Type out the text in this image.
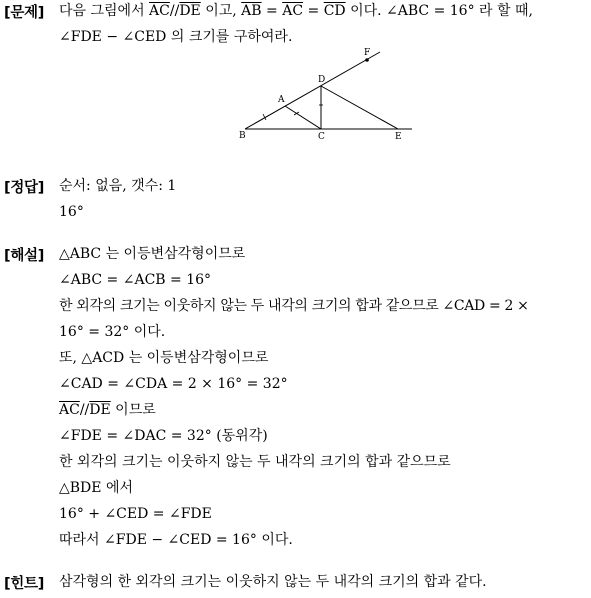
[문제] 다음 그림에서 $\overline{AC}//\overline{DE}$ 이고, $\overline{AB} = \overline{AC} = \overline{CD}$ 이다. ∠ABC = 16° 라 할 때,
∠FDE − ∠CED 의 크기를 구하여라.
B
A
C
D
E
F
[정답] 순서: 없음, 갯수: 1
16°
[해설] △ABC 는 이등변삼각형이므로
∠ABC = ∠ACB = 16°
한 외각의 크기는 이웃하지 않는 두 내각의 크기의 합과 같으므로 ∠CAD = 2 ×
16° = 32° 이다.
또, △ACD 는 이등변삼각형이므로
∠CAD = ∠CDA = 2 × 16° = 32°
$\overline{AC}//\overline{DE}$ 이므로
∠FDE = ∠DAC = 32° (동위각)
한 외각의 크기는 이웃하지 않는 두 내각의 크기의 합과 같으므로
△BDE 에서
16° + ∠CED = ∠FDE
따라서 ∠FDE − ∠CED = 16° 이다.
[힌트] 삼각형의 한 외각의 크기는 이웃하지 않는 두 내각의 크기의 합과 같다.
